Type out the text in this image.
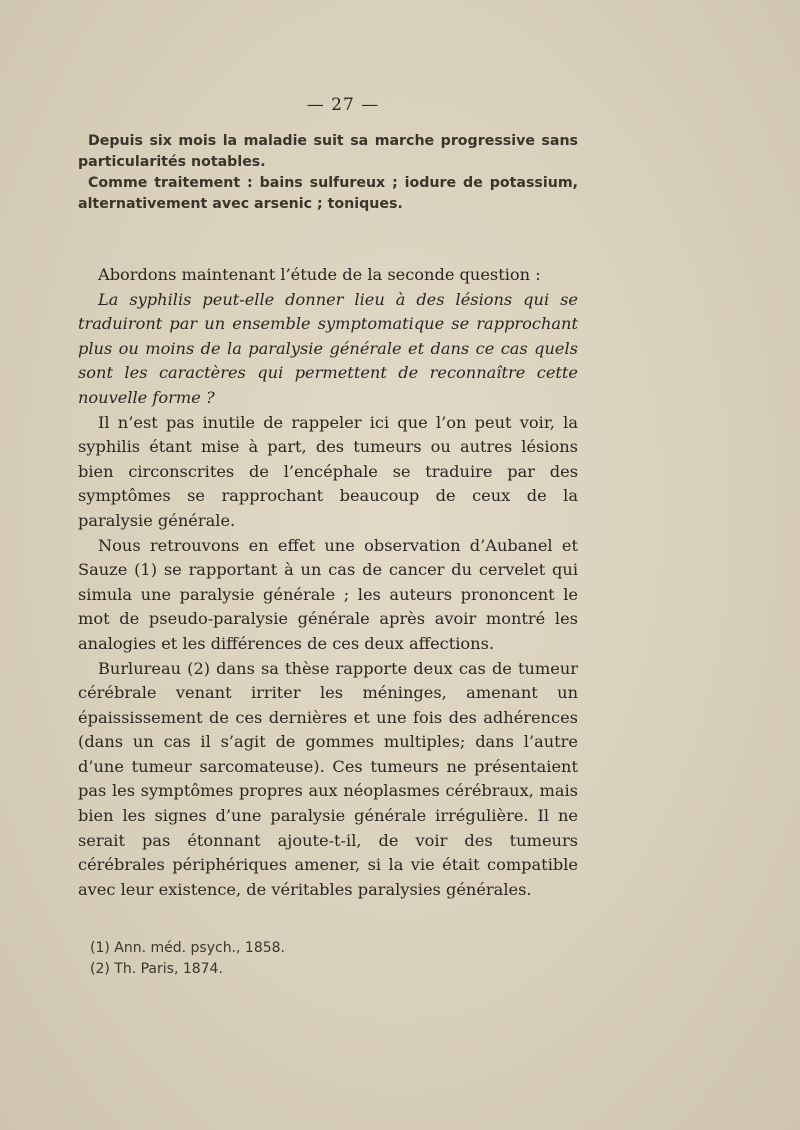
— 27 —

Depuis six mois la maladie suit sa marche progressive sans particularités notables.

Comme traitement : bains sulfureux ; iodure de potassium, alternativement avec arsenic ; toniques.

Abordons maintenant l’étude de la seconde question :

La syphilis peut-elle donner lieu à des lésions qui se traduiront par un ensemble symptomatique se rapprochant plus ou moins de la paralysie générale et dans ce cas quels sont les caractères qui permettent de reconnaître cette nouvelle forme ?

Il n’est pas inutile de rappeler ici que l’on peut voir, la syphilis étant mise à part, des tumeurs ou autres lésions bien circonscrites de l’encéphale se traduire par des symptômes se rapprochant beaucoup de ceux de la paralysie générale.

Nous retrouvons en effet une observation d’Aubanel et Sauze (1) se rapportant à un cas de cancer du cervelet qui simula une paralysie générale ; les auteurs prononcent le mot de pseudo-paralysie générale après avoir montré les analogies et les différences de ces deux affections.

Burlureau (2) dans sa thèse rapporte deux cas de tumeur cérébrale venant irriter les méninges, amenant un épaississement de ces dernières et une fois des adhérences (dans un cas il s’agit de gommes multiples; dans l’autre d’une tumeur sarcomateuse). Ces tumeurs ne présentaient pas les symptômes propres aux néoplasmes cérébraux, mais bien les signes d’une paralysie générale irrégulière. Il ne serait pas étonnant ajoute-t-il, de voir des tumeurs cérébrales périphériques amener, si la vie était compatible avec leur existence, de véritables paralysies générales.

(1) Ann. méd. psych., 1858.

(2) Th. Paris, 1874.
